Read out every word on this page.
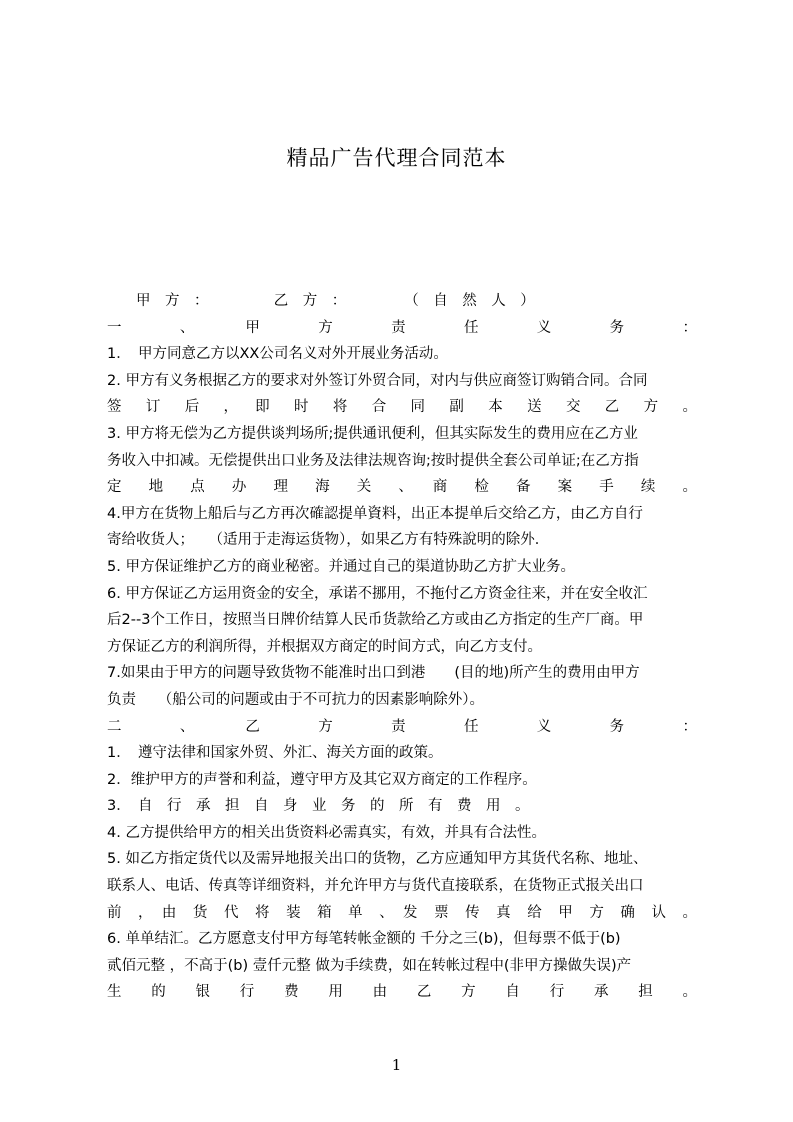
精品广告代理合同范本
　　甲　方　：　　　　　乙　方　：　　　　　（　自　然　人　）
一　、　甲　方　责　任　义　务　：
1．　甲方同意乙方以XX公司名义对外开展业务活动。
2. 甲方有义务根据乙方的要求对外签订外贸合同，对内与供应商签订购销合同。合同
签　订　后　，　即　时　将　合　同　副　本　送　交　乙　方　。
3. 甲方将无偿为乙方提供谈判场所;提供通讯便利，但其实际发生的费用应在乙方业
务收入中扣减。无偿提供出口业务及法律法规咨询;按时提供全套公司单证;在乙方指
定　地　点　办　理　海　关　、　商　检　备　案　手　续　。
4.甲方在货物上船后与乙方再次確認提单資料，出正本提单后交给乙方，由乙方自行
寄给收货人；　　（适用于走海运货物），如果乙方有特殊說明的除外．
5. 甲方保证维护乙方的商业秘密。并通过自己的渠道协助乙方扩大业务。
6. 甲方保证乙方运用资金的安全，承诺不挪用，不拖付乙方资金往来，并在安全收汇
后2--3个工作日，按照当日牌价结算人民币货款给乙方或由乙方指定的生产厂商。甲
方保证乙方的利润所得，并根据双方商定的时间方式，向乙方支付。
7.如果由于甲方的问题导致货物不能准时出口到港　　(目的地)所产生的费用由甲方
负责　　（船公司的问题或由于不可抗力的因素影响除外）。
二　、　乙　方　责　任　义　务　：
1．　遵守法律和国家外贸、外汇、海关方面的政策。
2．维护甲方的声誉和利益，遵守甲方及其它双方商定的工作程序。
3．　自　行　承　担　自　身　业　务　的　所　有　费　用　。
4. 乙方提供给甲方的相关出货资料必需真实，有效，并具有合法性。
5. 如乙方指定货代以及需异地报关出口的货物，乙方应通知甲方其货代名称、地址、
联系人、电话、传真等详细资料，并允许甲方与货代直接联系，在货物正式报关出口
前　，　由　货　代　将　装　箱　单　、　发　票　传　真　给　甲　方　确　认　。
6. 单单结汇。乙方愿意支付甲方每笔转帐金额的 千分之三(b)，但每票不低于(b)
贰佰元整 ，不高于(b) 壹仟元整 做为手续费，如在转帐过程中(非甲方操做失误)产
生　的　银　行　费　用　由　乙　方　自　行　承　担　。
1
